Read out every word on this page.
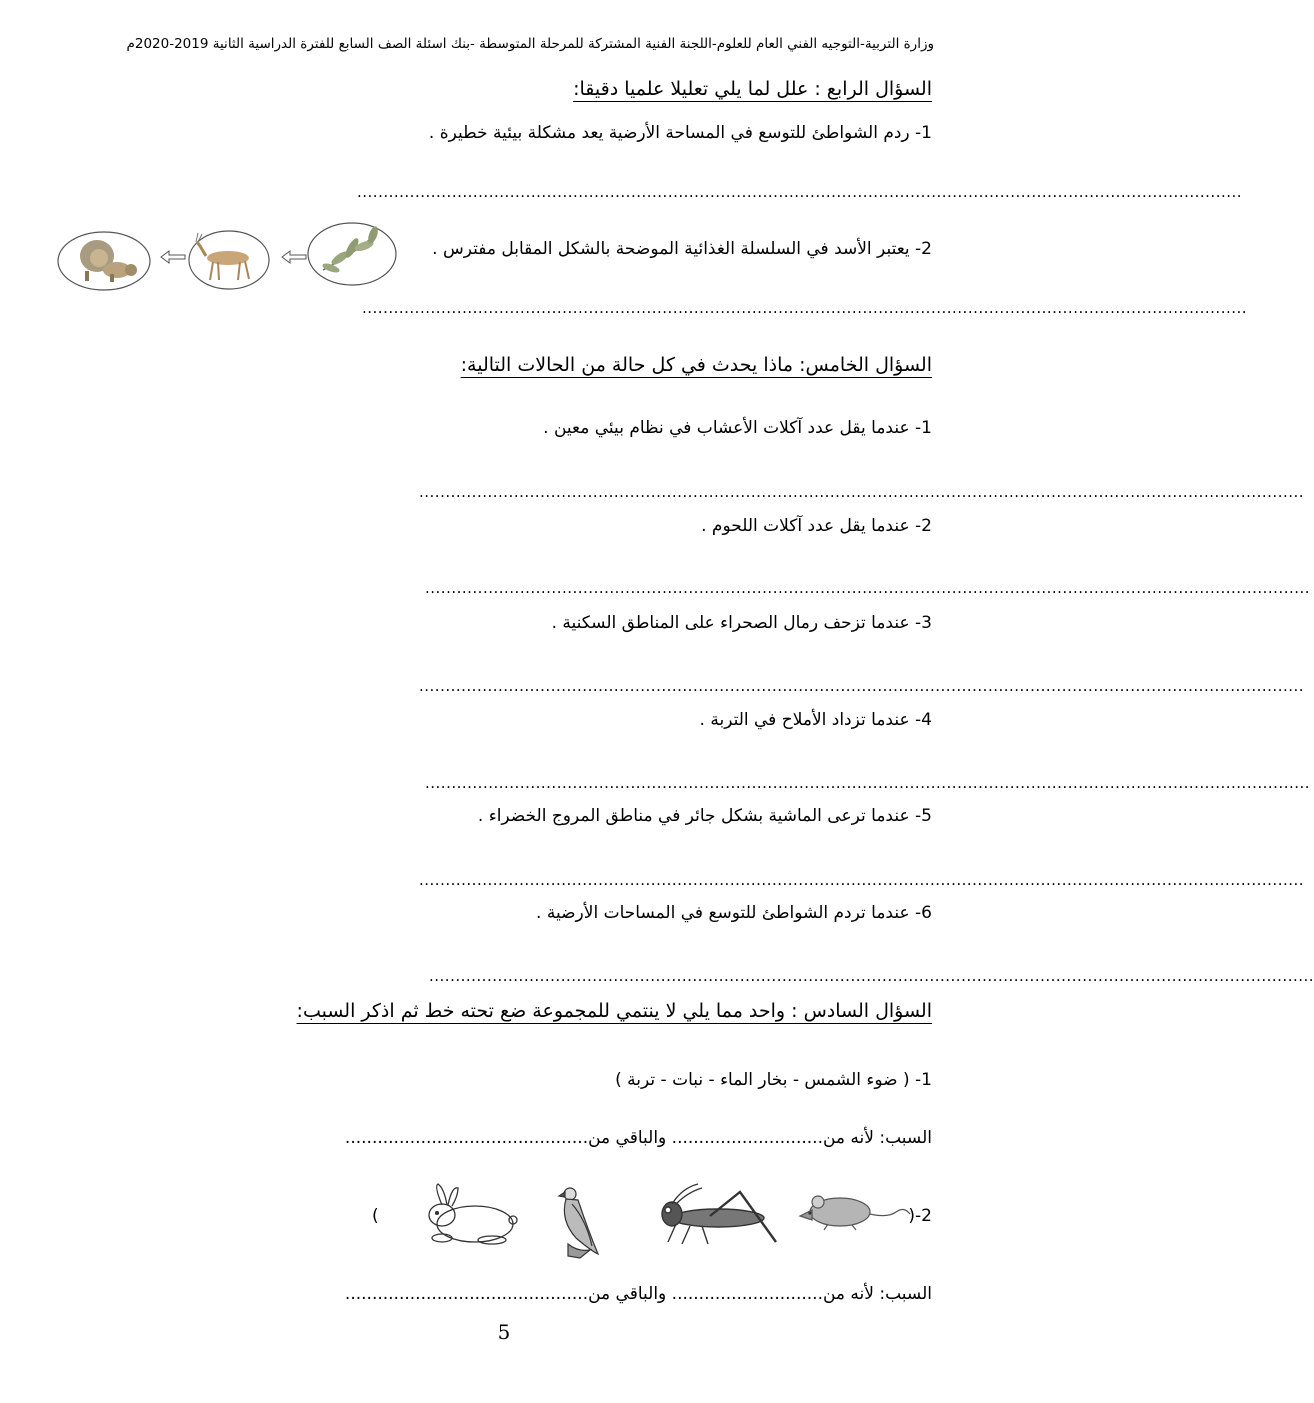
وزارة التربية-التوجيه الفني العام للعلوم-اللجنة الفنية المشتركة للمرحلة المتوسطة -بنك اسئلة الصف السابع للفترة الدراسية الثانية 2019-2020م
السؤال الرابع : علل لما يلي تعليلا علميا دقيقا:
1- ردم الشواطئ للتوسع في المساحة الأرضية يعد مشكلة بيئية خطيرة .
........................................................................................................................................................................
2- يعتبر الأسد في السلسلة الغذائية الموضحة بالشكل المقابل مفترس .
........................................................................................................................................................................
السؤال الخامس: ماذا يحدث في كل حالة من الحالات التالية:
1- عندما يقل عدد آكلات الأعشاب في نظام بيئي معين .
........................................................................................................................................................................
2- عندما يقل عدد آكلات اللحوم .
........................................................................................................................................................................
3- عندما تزحف رمال الصحراء على المناطق السكنية .
........................................................................................................................................................................
4- عندما تزداد الأملاح في التربة .
........................................................................................................................................................................
5- عندما ترعى الماشية بشكل جائر في مناطق المروج الخضراء .
........................................................................................................................................................................
6- عندما تردم الشواطئ للتوسع في المساحات الأرضية .
........................................................................................................................................................................
السؤال السادس : واحد مما يلي لا ينتمي للمجموعة ضع تحته خط ثم اذكر السبب:
1- ( ضوء الشمس - بخار الماء - نبات - تربة )
السبب: لأنه من............................ والباقي من.............................................
2-(
)
السبب: لأنه من............................ والباقي من.............................................
5
